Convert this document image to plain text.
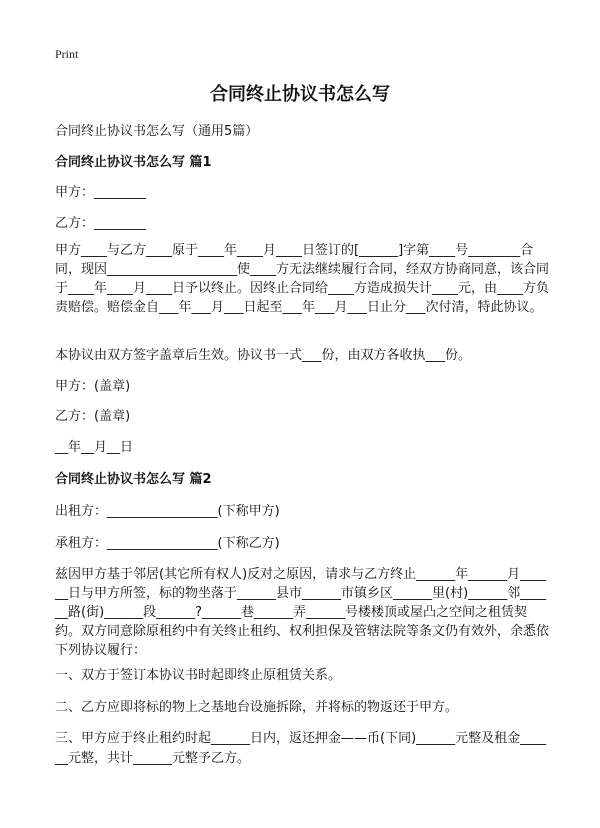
Print
合同终止协议书怎么写
合同终止协议书怎么写（通用5篇）
合同终止协议书怎么写 篇1
甲方：________
乙方：________
甲方____与乙方____原于____年____月____日签订的[______]字第____号________合同，现因____________________使____方无法继续履行合同，经双方协商同意，该合同于____年____月____日予以终止。因终止合同给____方造成损失计____元，由____方负责赔偿。赔偿金自___年___月___日起至___年___月___日止分___次付清，特此协议。
本协议由双方签字盖章后生效。协议书一式___份，由双方各收执___份。
甲方：(盖章)
乙方：(盖章)
__年__月__日
合同终止协议书怎么写 篇2
出租方：_________________(下称甲方)
承租方：_________________(下称乙方)
兹因甲方基于邻居(其它所有权人)反对之原因，请求与乙方终止______年______月______日与甲方所签，标的物坐落于______县市______市镇乡区______里(村)______邻______路(街)______段______?______巷______弄______号楼楼顶或屋凸之空间之租赁契约。双方同意除原租约中有关终止租约、权利担保及管辖法院等条文仍有效外，余悉依下列协议履行：
一、双方于签订本协议书时起即终止原租赁关系。
二、乙方应即将标的物上之基地台设施拆除，并将标的物返还于甲方。
三、甲方应于终止租约时起______日内，返还押金——币(下同)______元整及租金______元整，共计______元整予乙方。
